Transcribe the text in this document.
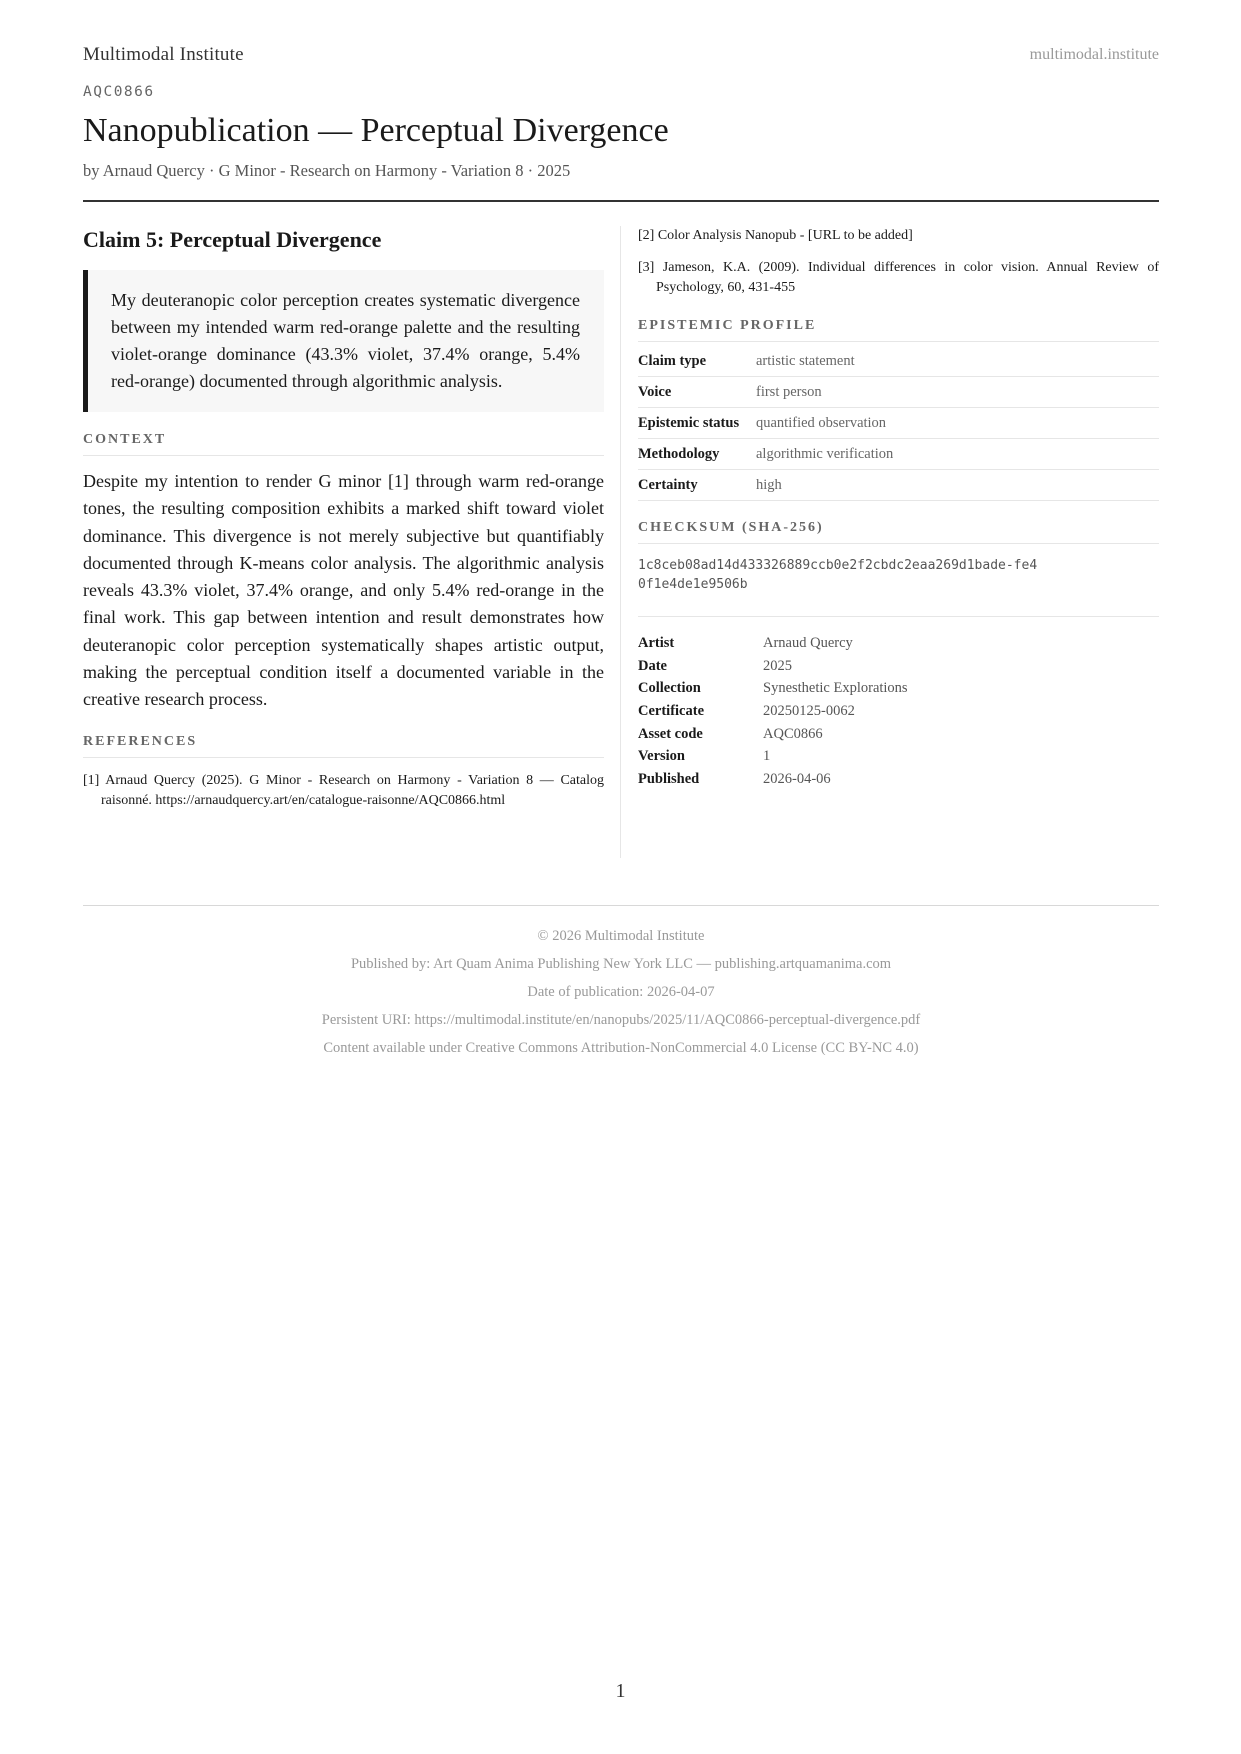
Multimodal Institute	multimodal.institute
AQC0866
Nanopublication — Perceptual Divergence
by Arnaud Quercy · G Minor - Research on Harmony - Variation 8 · 2025
Claim 5: Perceptual Divergence
My deuteranopic color perception creates systematic divergence between my intended warm red-orange palette and the resulting violet-orange dominance (43.3% violet, 37.4% orange, 5.4% red-orange) documented through algorithmic analysis.
CONTEXT

Despite my intention to render G minor [1] through warm red-orange tones, the resulting composition exhibits a marked shift toward violet dominance. This divergence is not merely subjective but quantifiably documented through K-means color analysis. The algorithmic analysis reveals 43.3% violet, 37.4% orange, and only 5.4% red-orange in the final work. This gap between intention and result demonstrates how deuteranopic color perception systematically shapes artistic output, making the perceptual condition itself a documented variable in the creative research process.

REFERENCES
[1] Arnaud Quercy (2025). G Minor - Research on Harmony - Variation 8 — Catalog raisonné. https://arnaudquercy.art/en/catalogue-raisonne/AQC0866.html
[2] Color Analysis Nanopub - [URL to be added]
[3] Jameson, K.A. (2009). Individual differences in color vision. Annual Review of Psychology, 60, 431-455
EPISTEMIC PROFILE
Claim type	artistic statement
Voice	first person
Epistemic status	quantified observation
Methodology	algorithmic verification
Certainty	high
CHECKSUM (SHA-256)
1c8ceb08ad14d433326889ccb0e2f2cbdc2eaa269d1bade-fe40f1e4de1e9506b
Artist	Arnaud Quercy
Date	2025
Collection	Synesthetic Explorations
Certificate	20250125-0062
Asset code	AQC0866
Version	1
Published	2026-04-06
© 2026 Multimodal Institute
Published by: Art Quam Anima Publishing New York LLC — publishing.artquamanima.com
Date of publication: 2026-04-07
Persistent URI: https://multimodal.institute/en/nanopubs/2025/11/AQC0866-perceptual-divergence.pdf
Content available under Creative Commons Attribution-NonCommercial 4.0 License (CC BY-NC 4.0)
1
